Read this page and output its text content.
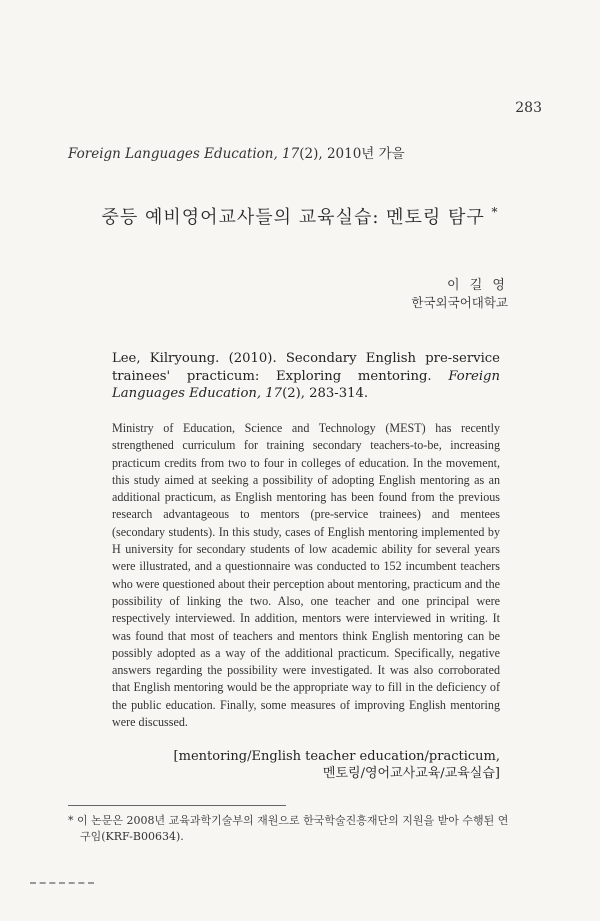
283
Foreign Languages Education, 17(2), 2010년 가을
중등 예비영어교사들의 교육실습: 멘토링 탐구 *
이 길 영
한국외국어대학교
Lee, Kilryoung. (2010). Secondary English pre-service trainees' practicum: Exploring mentoring. Foreign Languages Education, 17(2), 283-314.
Ministry of Education, Science and Technology (MEST) has recently strengthened curriculum for training secondary teachers-to-be, increasing practicum credits from two to four in colleges of education. In the movement, this study aimed at seeking a possibility of adopting English mentoring as an additional practicum, as English mentoring has been found from the previous research advantageous to mentors (pre-service trainees) and mentees (secondary students). In this study, cases of English mentoring implemented by H university for secondary students of low academic ability for several years were illustrated, and a questionnaire was conducted to 152 incumbent teachers who were questioned about their perception about mentoring, practicum and the possibility of linking the two. Also, one teacher and one principal were respectively interviewed. In addition, mentors were interviewed in writing. It was found that most of teachers and mentors think English mentoring can be possibly adopted as a way of the additional practicum. Specifically, negative answers regarding the possibility were investigated. It was also corroborated that English mentoring would be the appropriate way to fill in the deficiency of the public education. Finally, some measures of improving English mentoring were discussed.
[mentoring/English teacher education/practicum,
멘토링/영어교사교육/교육실습]
* 이 논문은 2008년 교육과학기술부의 재원으로 한국학술진흥재단의 지원을 받아 수행된 연
구임(KRF-B00634).
